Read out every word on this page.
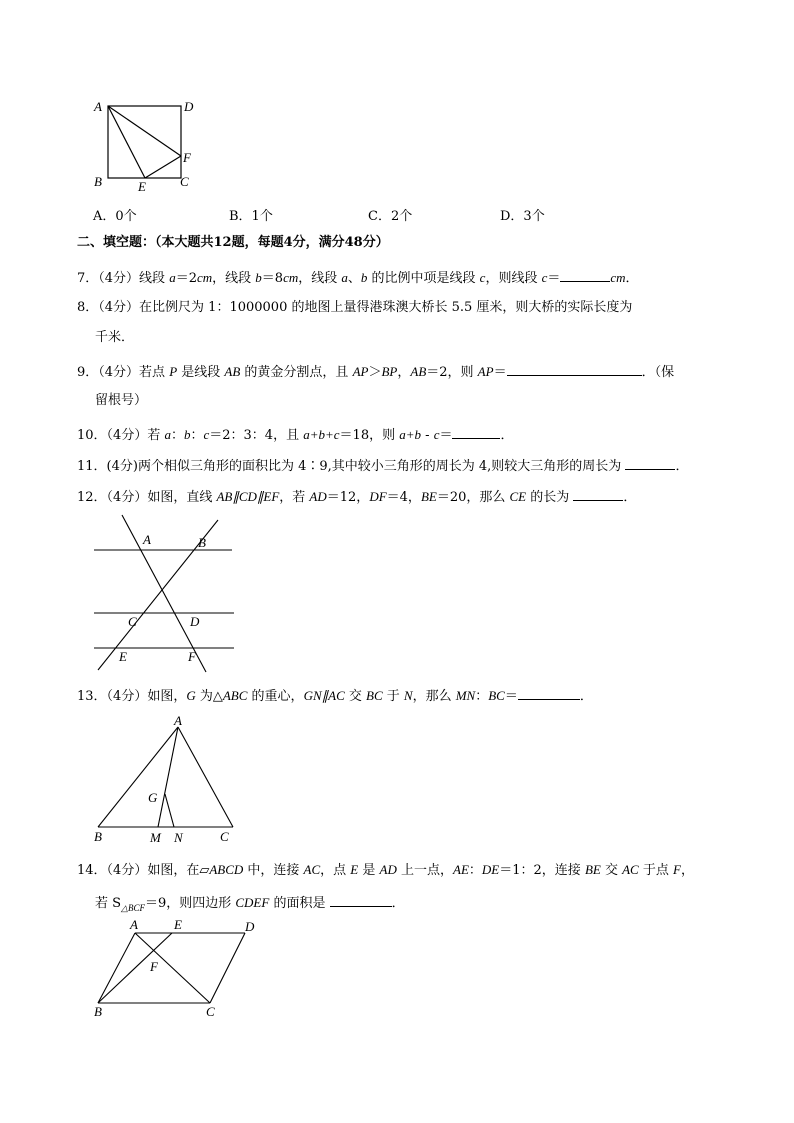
A	D
F
B	E	C
A．0个	B．1个	C．2个	D．3个
二、填空题：（本大题共12题，每题4分，满分48分）
7．（4分）线段 a＝2cm，线段 b＝8cm，线段 a、b 的比例中项是线段 c，则线段 c＝	cm．
8．（4分）在比例尺为 1：1000000 的地图上量得港珠澳大桥长 5.5 厘米，则大桥的实际长度为
千米．
9．（4分）若点 P 是线段 AB 的黄金分割点，且 AP＞BP，AB＝2，则 AP＝	．（保
留根号）
10．（4分）若 a：b：c＝2：3：4，且 a+b+c＝18，则 a+b - c＝	．
11．(4分)两个相似三角形的面积比为 4∶9,其中较小三角形的周长为 4,则较大三角形的周长为	．
12．（4分）如图，直线 AB∥CD∥EF，若 AD＝12，DF＝4，BE＝20，那么 CE 的长为	．
A	B
C	D
E	F
13．（4分）如图，G 为△ABC 的重心，GN∥AC 交 BC 于 N，那么 MN：BC＝	．
A
G
B	M N	C
14．（4分）如图，在▱ABCD 中，连接 AC，点 E 是 AD 上一点，AE：DE＝1：2，连接 BE 交 AC 于点 F，
若 $S_{\triangle BCF}=9$，则四边形 CDEF 的面积是	．
A	E	D
F
B	C
